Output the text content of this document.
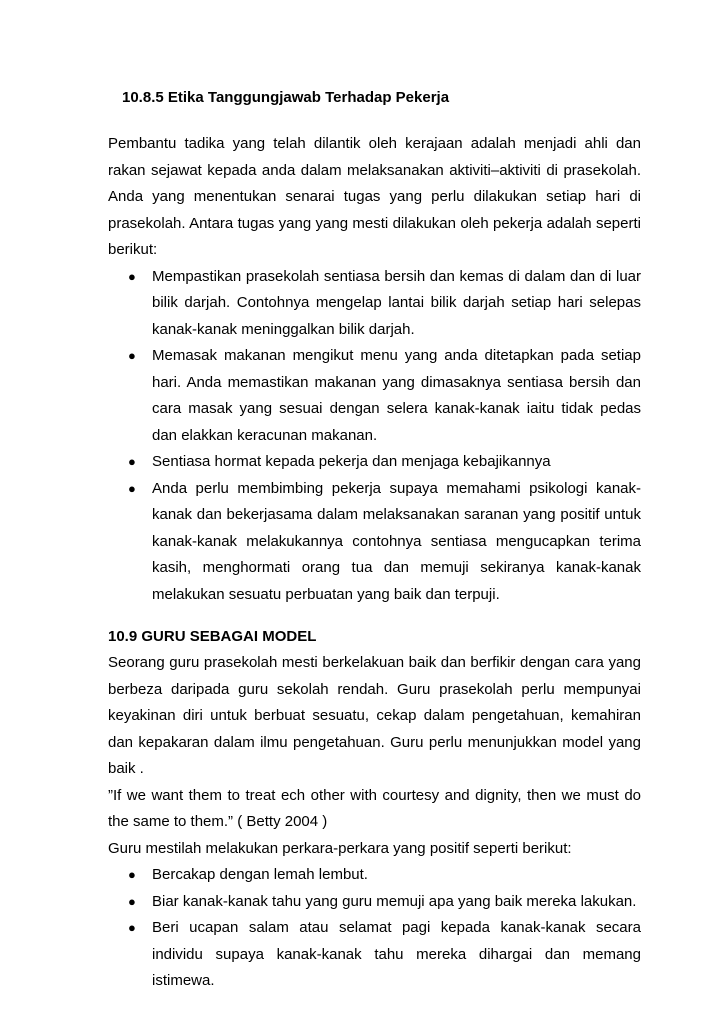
10.8.5 Etika Tanggungjawab Terhadap Pekerja

Pembantu tadika yang telah dilantik oleh kerajaan adalah menjadi ahli dan rakan sejawat kepada anda dalam melaksanakan aktiviti–aktiviti di prasekolah. Anda yang menentukan senarai tugas yang perlu dilakukan setiap hari di prasekolah. Antara tugas yang yang mesti dilakukan oleh pekerja adalah seperti berikut:

● Mempastikan prasekolah sentiasa bersih dan kemas di dalam dan di luar bilik darjah. Contohnya mengelap lantai bilik darjah setiap hari selepas kanak-kanak meninggalkan bilik darjah.
● Memasak makanan mengikut menu yang anda ditetapkan pada setiap hari. Anda memastikan makanan yang dimasaknya sentiasa bersih dan cara masak yang sesuai dengan selera kanak-kanak iaitu tidak pedas dan elakkan keracunan makanan.
● Sentiasa hormat kepada pekerja dan menjaga kebajikannya
● Anda perlu membimbing pekerja supaya memahami psikologi kanak-kanak dan bekerjasama dalam melaksanakan saranan yang positif untuk kanak-kanak melakukannya contohnya sentiasa mengucapkan terima kasih, menghormati orang tua dan memuji sekiranya kanak-kanak melakukan sesuatu perbuatan yang baik dan terpuji.
10.9 GURU SEBAGAI MODEL

Seorang guru prasekolah mesti berkelakuan baik dan berfikir dengan cara yang berbeza daripada guru sekolah rendah. Guru prasekolah perlu mempunyai keyakinan diri untuk berbuat sesuatu, cekap dalam pengetahuan, kemahiran dan kepakaran dalam ilmu pengetahuan. Guru perlu menunjukkan model yang baik .

”If we want them to treat ech other with courtesy and dignity, then we must do the same to them.” ( Betty 2004 )

Guru mestilah melakukan perkara-perkara yang positif seperti berikut:

● Bercakap dengan lemah lembut.
● Biar kanak-kanak tahu yang guru memuji apa yang baik mereka lakukan.
● Beri ucapan salam atau selamat pagi kepada kanak-kanak secara individu supaya kanak-kanak tahu mereka dihargai dan memang istimewa.
